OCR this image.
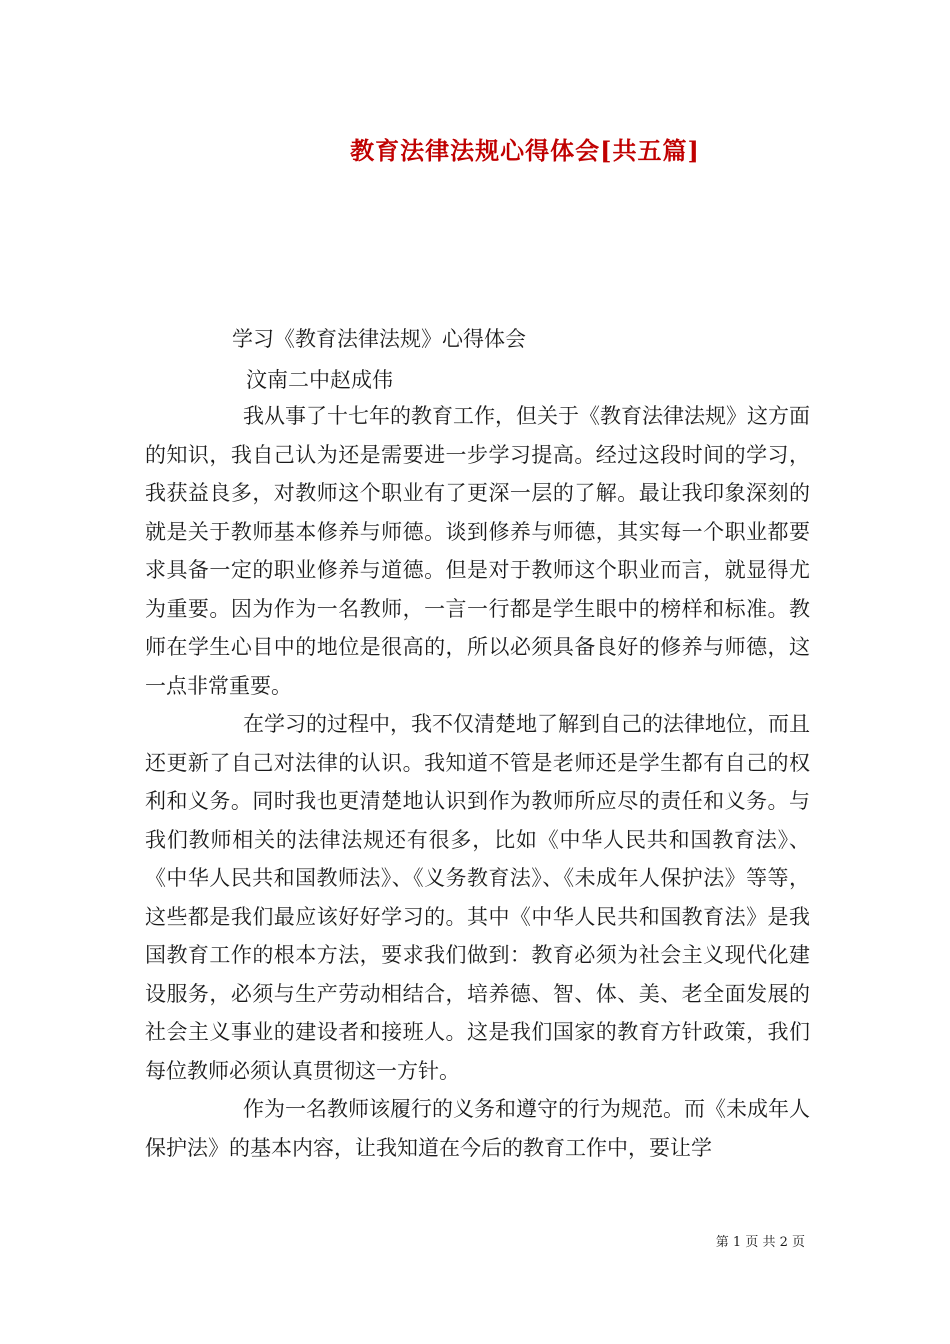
教育法律法规心得体会[共五篇]
学习《教育法律法规》心得体会
汶南二中赵成伟

我从事了十七年的教育工作，但关于《教育法律法规》这方面的知识，我自己认为还是需要进一步学习提高。经过这段时间的学习，我获益良多，对教师这个职业有了更深一层的了解。最让我印象深刻的就是关于教师基本修养与师德。谈到修养与师德，其实每一个职业都要求具备一定的职业修养与道德。但是对于教师这个职业而言，就显得尤为重要。因为作为一名教师，一言一行都是学生眼中的榜样和标准。教师在学生心目中的地位是很高的，所以必须具备良好的修养与师德，这一点非常重要。

在学习的过程中，我不仅清楚地了解到自己的法律地位，而且还更新了自己对法律的认识。我知道不管是老师还是学生都有自己的权利和义务。同时我也更清楚地认识到作为教师所应尽的责任和义务。与我们教师相关的法律法规还有很多，比如《中华人民共和国教育法》、《中华人民共和国教师法》、《义务教育法》、《未成年人保护法》等等，这些都是我们最应该好好学习的。其中《中华人民共和国教育法》是我国教育工作的根本方法，要求我们做到：教育必须为社会主义现代化建设服务，必须与生产劳动相结合，培养德、智、体、美、老全面发展的社会主义事业的建设者和接班人。这是我们国家的教育方针政策，我们每位教师必须认真贯彻这一方针。

作为一名教师该履行的义务和遵守的行为规范。而《未成年人保护法》的基本内容，让我知道在今后的教育工作中，要让学

第 1 页 共 2 页
